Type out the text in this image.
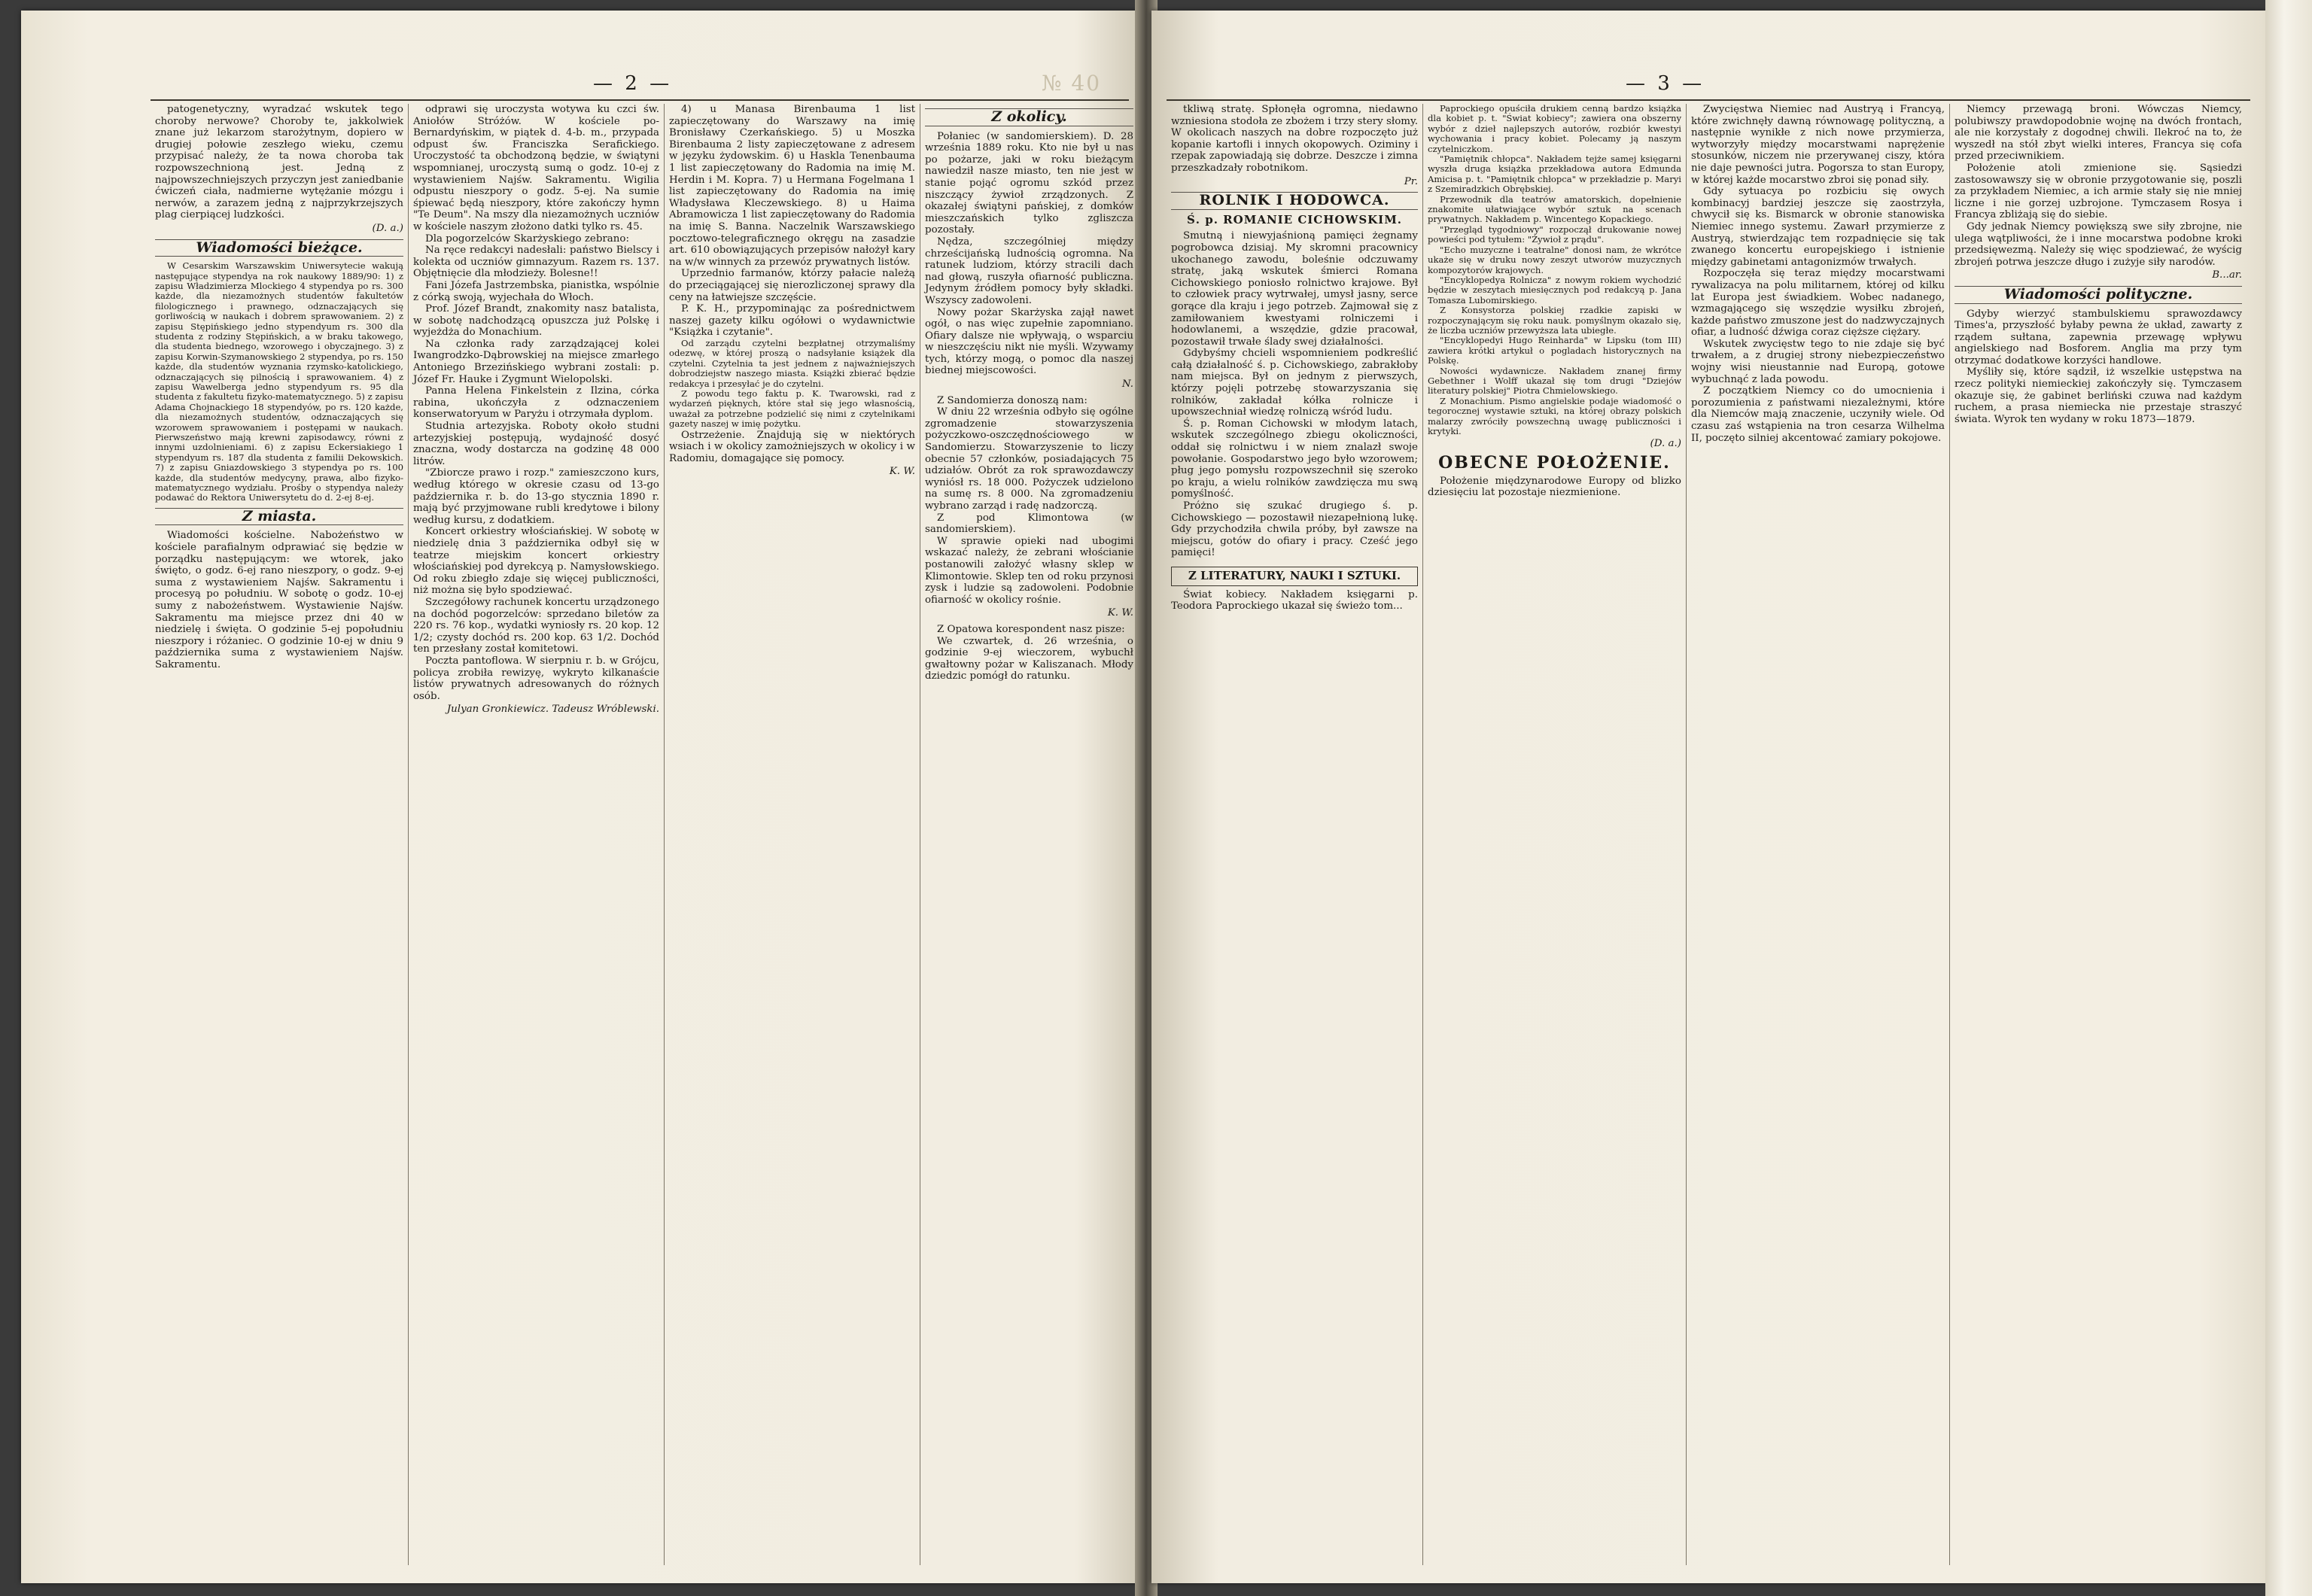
— 2 —	№ 40

patogenetyczny, wyradzać wskutek tego choroby nerwowe? Choroby te, jakkolwiek znane już lekarzom starożytnym, dopiero w drugiej połowie zeszłego wieku, czemu przypisać należy, że ta nowa choroba tak rozpowszechnioną jest. Jedną z najpowszechniejszych przyczyn jest zaniedbanie ćwiczeń ciała, nadmierne wytężanie mózgu i nerwów, a zarazem jedną z najprzykrzejszych plag cierpiącej ludzkości.

(D. a.)
Wiadomości bieżące.

W Cesarskim Warszawskim Uniwersytecie wakują następujące stypendya na rok naukowy 1889/90: 1) z zapisu Władzimierza Mlockiego 4 stypendya po rs. 300 każde, dla niezamożnych studentów fakultetów filologicznego i prawnego, odznaczających się gorliwością w naukach i dobrem sprawowaniem. 2) z zapisu Stępińskiego jedno stypendyum rs. 300 dla studenta z rodziny Stępińskich, a w braku takowego, dla studenta biednego, wzorowego i obyczajnego. 3) z zapisu Korwin-Szymanowskiego 2 stypendya, po rs. 150 każde, dla studentów wyznania rzymsko-katolickiego, odznaczających się pilnością i sprawowaniem. 4) z zapisu Wawelberga jedno stypendyum rs. 95 dla studenta z fakultetu fizyko-matematycznego. 5) z zapisu Adama Chojnackiego 18 stypendyów, po rs. 120 każde, dla niezamożnych studentów, odznaczających się wzorowem sprawowaniem i postępami w naukach. Pierwszeństwo mają krewni zapisodawcy, równi z innymi uzdolnieniami. 6) z zapisu Eckersiakiego 1 stypendyum rs. 187 dla studenta z familii Dekowskich. 7) z zapisu Gniazdowskiego 3 stypendya po rs. 100 każde, dla studentów medycyny, prawa, albo fizyko-matematycznego wydziału. Prośby o stypendya należy podawać do Rektora Uniwersytetu do d. 2-ej 8-ej.

Z miasta.

Wiadomości kościelne. Nabożeństwo w kościele parafialnym odprawiać się będzie w porządku następującym: we wtorek, jako święto, o godz. 6-ej rano nieszpory, o godz. 9-ej suma z wystawieniem Najśw. Sakramentu i procesyą po południu. W sobotę o godz. 10-ej sumy z nabożeństwem. Wystawienie Najśw. Sakramentu ma miejsce przez dni 40 w niedzielę i święta. O godzinie 5-ej popołudniu nieszpory i różaniec. O godzinie 10-ej w dniu 9 października suma z wystawieniem Najśw. Sakramentu.

odprawi się uroczysta wotywa ku czci św. Aniołów Stróżów. W kościele po-Bernardyńskim, w piątek d. 4-b. m., przypada odpust św. Franciszka Serafickiego. Uroczystość ta obchodzoną będzie, w świątyni wspomnianej, uroczystą sumą o godz. 10-ej z wystawieniem Najśw. Sakramentu. Wigilia odpustu nieszpory o godz. 5-ej. Na sumie śpiewać będą nieszpory, które zakończy hymn "Te Deum". Na mszy dla niezamożnych uczniów w kościele naszym złożono datki tylko rs. 45.

Dla pogorzelców Skarżyskiego zebrano:

Na ręce redakcyi nadesłali: państwo Bielscy i kolekta od uczniów gimnazyum. Razem rs. 137. Objętnięcie dla młodzieży. Bolesne!!

Fani Józefa Jastrzembska, pianistka, wspólnie z córką swoją, wyjechała do Włoch.

Prof. Józef Brandt, znakomity nasz batalista, w sobotę nadchodzącą opuszcza już Polskę i wyjeżdża do Monachium.

Na członka rady zarządzającej kolei Iwangrodzko-Dąbrowskiej na miejsce zmarłego Antoniego Brzezińskiego wybrani zostali: p. Józef Fr. Hauke i Zygmunt Wielopolski.

Panna Helena Finkelstein z Ilzina, córka rabina, ukończyła z odznaczeniem konserwatoryum w Paryżu i otrzymała dyplom.

Studnia artezyjska. Roboty około studni artezyjskiej postępują, wydajność dosyć znaczna, wody dostarcza na godzinę 48 000 litrów.

"Zbiorcze prawo i rozp." zamieszczono kurs, według którego w okresie czasu od 13-go października r. b. do 13-go stycznia 1890 r. mają być przyjmowane rubli kredytowe i bilony według kursu, z dodatkiem.

Koncert orkiestry włościańskiej. W sobotę w niedzielę dnia 3 października odbył się w teatrze miejskim koncert orkiestry włościańskiej pod dyrekcyą p. Namysłowskiego. Od roku zbiegło zdaje się więcej publiczności, niż można się było spodziewać.

Szczegółowy rachunek koncertu urządzonego na dochód pogorzelców: sprzedano biletów za 220 rs. 76 kop., wydatki wyniosły rs. 20 kop. 12 1/2; czysty dochód rs. 200 kop. 63 1/2. Dochód ten przesłany został komitetowi.

Poczta pantoflowa. W sierpniu r. b. w Grójcu, policya zrobiła rewizyę, wykryto kilkanaście listów prywatnych adresowanych do różnych osób.

Julyan Gronkiewicz. Tadeusz Wróblewski.

4) u Manasa Birenbauma 1 list zapieczętowany do Warszawy na imię Bronisławy Czerkańskiego. 5) u Moszka Birenbauma 2 listy zapieczętowane z adresem w języku żydowskim. 6) u Haskla Tenenbauma 1 list zapieczętowany do Radomia na imię M. Herdin i M. Kopra. 7) u Hermana Fogelmana 1 list zapieczętowany do Radomia na imię Władysława Kleczewskiego. 8) u Haima Abramowicza 1 list zapieczętowany do Radomia na imię S. Banna. Naczelnik Warszawskiego pocztowo-telegraficznego okręgu na zasadzie art. 610 obowiązujących przepisów nałożył kary na w/w winnych za przewóz prywatnych listów.

Uprzednio farmanów, którzy pałacie należą do przeciągającej się nierozliczonej sprawy dla ceny na łatwiejsze szczęście.

P. K. H., przypominając za pośrednictwem naszej gazety kilku ogółowi o wydawnictwie "Książka i czytanie".

Od zarządu czytelni bezpłatnej otrzymaliśmy odezwę, w której proszą o nadsyłanie książek dla czytelni. Czytelnia ta jest jednem z najważniejszych dobrodziejstw naszego miasta. Książki zbierać będzie redakcya i przesyłać je do czytelni.

Z powodu tego faktu p. K. Twarowski, rad z wydarzeń pięknych, które stał się jego własnością, uważał za potrzebne podzielić się nimi z czytelnikami gazety naszej w imię pożytku.

Ostrzeżenie. Znajdują się w niektórych wsiach i w okolicy zamożniejszych w okolicy i w Radomiu, domagające się pomocy.

K. W.
Z okolicy.

Połaniec (w sandomierskiem). D. 28 września 1889 roku. Kto nie był u nas po pożarze, jaki w roku bieżącym nawiedził nasze miasto, ten nie jest w stanie pojąć ogromu szkód przez niszczący żywioł zrządzonych. Z okazałej świątyni pańskiej, z domków mieszczańskich tylko zgliszcza pozostały.

Nędza, szczególniej między chrześcijańską ludnością ogromna. Na ratunek ludziom, którzy stracili dach nad głową, ruszyła ofiarność publiczna. Jedynym źródłem pomocy były składki. Wszyscy zadowoleni.

Nowy pożar Skarżyska zajął nawet ogół, o nas więc zupełnie zapomniano. Ofiary dalsze nie wpływają, o wsparciu w nieszczęściu nikt nie myśli. Wzywamy tych, którzy mogą, o pomoc dla naszej biednej miejscowości.

N.

Z Sandomierza donoszą nam:

W dniu 22 września odbyło się ogólne zgromadzenie stowarzyszenia pożyczkowo-oszczędnościowego w Sandomierzu. Stowarzyszenie to liczy obecnie 57 członków, posiadających 75 udziałów. Obrót za rok sprawozdawczy wyniósł rs. 18 000. Pożyczek udzielono na sumę rs. 8 000. Na zgromadzeniu wybrano zarząd i radę nadzorczą.

Z pod Klimontowa (w sandomierskiem).

W sprawie opieki nad ubogimi wskazać należy, że zebrani włościanie postanowili założyć własny sklep w Klimontowie. Sklep ten od roku przynosi zysk i ludzie są zadowoleni. Podobnie ofiarność w okolicy rośnie.

K. W.

Z Opatowa korespondent nasz pisze:

We czwartek, d. 26 września, o godzinie 9-ej wieczorem, wybuchł gwałtowny pożar w Kaliszanach. Młody dziedzic pomógł do ratunku.

— 3 —

tkliwą stratę. Spłonęła ogromna, niedawno wzniesiona stodoła ze zbożem i trzy stery słomy. W okolicach naszych na dobre rozpoczęto już kopanie kartofli i innych okopowych. Oziminy i rzepak zapowiadają się dobrze. Deszcze i zimna przeszkadzały robotnikom.

Pr.
ROLNIK I HODOWCA.
Ś. p. ROMANIE CICHOWSKIM.

Smutną i niewyjaśnioną pamięci żegnamy pogrobowca dzisiaj. My skromni pracownicy ukochanego zawodu, boleśnie odczuwamy stratę, jaką wskutek śmierci Romana Cichowskiego poniosło rolnictwo krajowe. Był to człowiek pracy wytrwałej, umysł jasny, serce gorące dla kraju i jego potrzeb. Zajmował się z zamiłowaniem kwestyami rolniczemi i hodowlanemi, a wszędzie, gdzie pracował, pozostawił trwałe ślady swej działalności.

Gdybyśmy chcieli wspomnieniem podkreślić całą działalność ś. p. Cichowskiego, zabrakłoby nam miejsca. Był on jednym z pierwszych, którzy pojęli potrzebę stowarzyszania się rolników, zakładał kółka rolnicze i upowszechniał wiedzę rolniczą wśród ludu.

Ś. p. Roman Cichowski w młodym latach, wskutek szczególnego zbiegu okoliczności, oddał się rolnictwu i w niem znalazł swoje powołanie. Gospodarstwo jego było wzorowem; pług jego pomysłu rozpowszechnił się szeroko po kraju, a wielu rolników zawdzięcza mu swą pomyślność.

Próżno się szukać drugiego ś. p. Cichowskiego — pozostawił niezapełnioną lukę. Gdy przychodziła chwila próby, był zawsze na miejscu, gotów do ofiary i pracy. Cześć jego pamięci!

Z LITERATURY, NAUKI I SZTUKI.

Świat kobiecy. Nakładem księgarni p. Teodora Paprockiego ukazał się świeżo tom...

Paprockiego opuściła drukiem cenną bardzo książka dla kobiet p. t. "Świat kobiecy"; zawiera ona obszerny wybór z dzieł najlepszych autorów, rozbiór kwestyi wychowania i pracy kobiet. Polecamy ją naszym czytelniczkom.

"Pamiętnik chłopca". Nakładem tejże samej księgarni wyszła druga książka przekładowa autora Edmunda Amicisa p. t. "Pamiętnik chłopca" w przekładzie p. Maryi z Szemiradzkich Obrębskiej.

Przewodnik dla teatrów amatorskich, dopełnienie znakomite ułatwiające wybór sztuk na scenach prywatnych. Nakładem p. Wincentego Kopackiego.

"Przegląd tygodniowy" rozpoczął drukowanie nowej powieści pod tytułem: "Żywioł z prądu".

"Echo muzyczne i teatralne" donosi nam, że wkrótce ukaże się w druku nowy zeszyt utworów muzycznych kompozytorów krajowych.

"Encyklopedya Rolnicza" z nowym rokiem wychodzić będzie w zeszytach miesięcznych pod redakcyą p. Jana Tomasza Lubomirskiego.

Z Konsystorza polskiej rzadkie zapiski w rozpoczynającym się roku nauk. pomyślnym okazało się, że liczba uczniów przewyższa lata ubiegłe.

"Encyklopedyi Hugo Reinharda" w Lipsku (tom III) zawiera krótki artykuł o pogladach historycznych na Polskę.

Nowości wydawnicze. Nakładem znanej firmy Gebethner i Wolff ukazał się tom drugi "Dziejów literatury polskiej" Piotra Chmielowskiego.

Z Monachium. Pismo angielskie podaje wiadomość o tegorocznej wystawie sztuki, na której obrazy polskich malarzy zwróciły powszechną uwagę publiczności i krytyki.

(D. a.)
OBECNE POŁOŻENIE.

Położenie międzynarodowe Europy od blizko dziesięciu lat pozostaje niezmienione.

Zwycięstwa Niemiec nad Austryą i Francyą, które zwichnęły dawną równowagę polityczną, a następnie wynikłe z nich nowe przymierza, wytworzyły między mocarstwami naprężenie stosunków, niczem nie przerywanej ciszy, która nie daje pewności jutra. Pogorsza to stan Europy, w której każde mocarstwo zbroi się ponad siły.

Gdy sytuacya po rozbiciu się owych kombinacyj bardziej jeszcze się zaostrzyła, chwycił się ks. Bismarck w obronie stanowiska Niemiec innego systemu. Zawarł przymierze z Austryą, stwierdzając tem rozpadnięcie się tak zwanego koncertu europejskiego i istnienie między gabinetami antagonizmów trwałych.

Rozpoczęła się teraz między mocarstwami rywalizacya na polu militarnem, której od kilku lat Europa jest świadkiem. Wobec nadanego, wzmagającego się wszędzie wysiłku zbrojeń, każde państwo zmuszone jest do nadzwyczajnych ofiar, a ludność dźwiga coraz cięższe ciężary.

Wskutek zwycięstw tego to nie zdaje się być trwałem, a z drugiej strony niebezpieczeństwo wojny wisi nieustannie nad Europą, gotowe wybuchnąć z lada powodu.

Z początkiem Niemcy co do umocnienia i porozumienia z państwami niezależnymi, które dla Niemców mają znaczenie, uczyniły wiele. Od czasu zaś wstąpienia na tron cesarza Wilhelma II, poczęto silniej akcentować zamiary pokojowe.

Niemcy przewagą broni. Wówczas Niemcy, polubiwszy prawdopodobnie wojnę na dwóch frontach, ale nie korzystały z dogodnej chwili. Ilekroć na to, że wyszedł na stół zbyt wielki interes, Francya się cofa przed przeciwnikiem.

Położenie atoli zmienione się. Sąsiedzi zastosowawszy się w obronie przygotowanie się, poszli za przykładem Niemiec, a ich armie stały się nie mniej liczne i nie gorzej uzbrojone. Tymczasem Rosya i Francya zbliżają się do siebie.

Gdy jednak Niemcy powiększą swe siły zbrojne, nie ulega wątpliwości, że i inne mocarstwa podobne kroki przedsięwezmą. Należy się więc spodziewać, że wyścig zbrojeń potrwa jeszcze długo i zużyje siły narodów.

B...ar.
Wiadomości polityczne.

Gdyby wierzyć stambulskiemu sprawozdawcy Times'a, przyszłość byłaby pewna że układ, zawarty z rządem sułtana, zapewnia przewagę wpływu angielskiego nad Bosforem. Anglia ma przy tym otrzymać dodatkowe korzyści handlowe.

Myśliły się, które sądził, iż wszelkie ustępstwa na rzecz polityki niemieckiej zakończyły się. Tymczasem okazuje się, że gabinet berliński czuwa nad każdym ruchem, a prasa niemiecka nie przestaje straszyć świata. Wyrok ten wydany w roku 1873—1879.
